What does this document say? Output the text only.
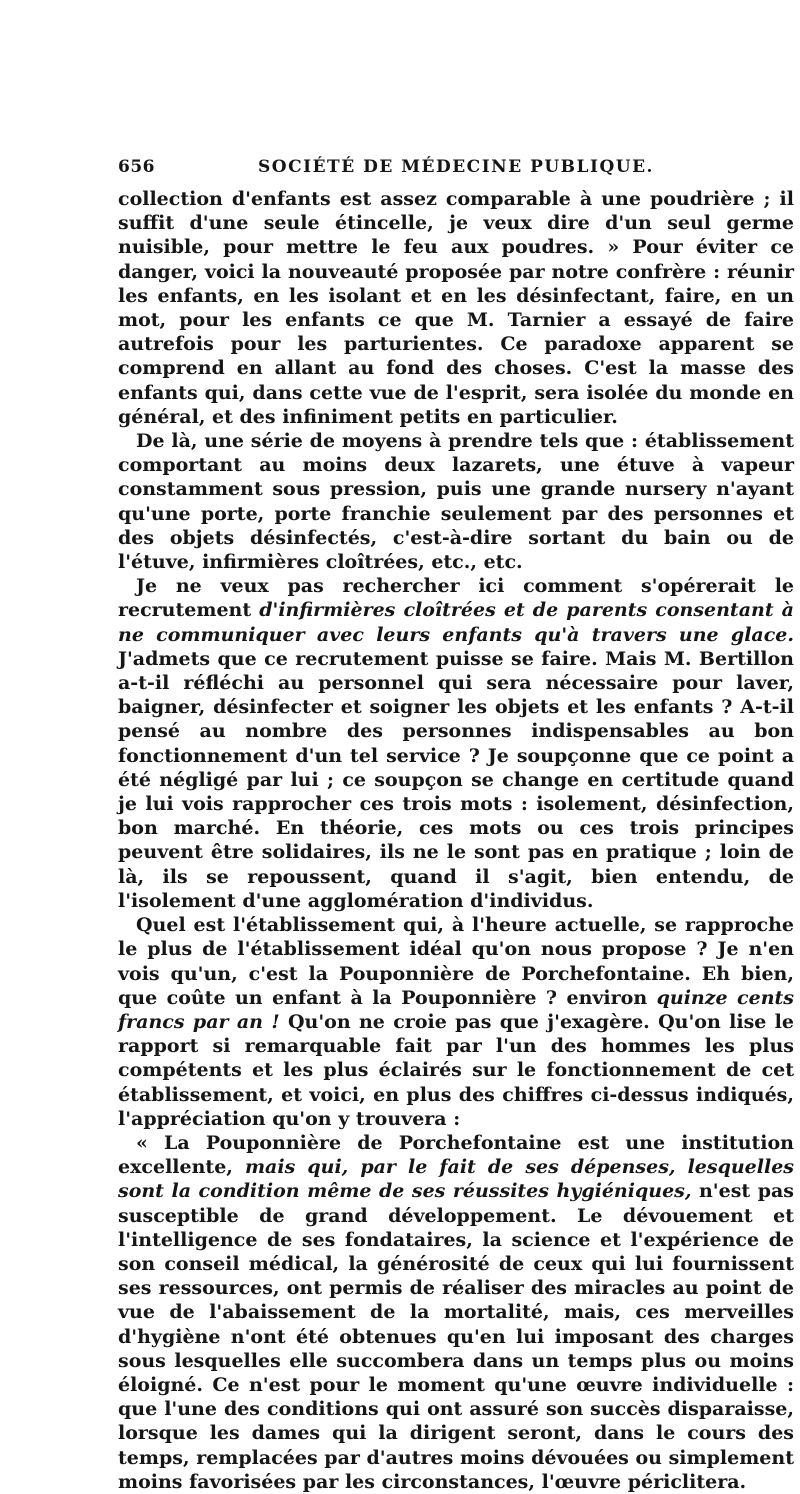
656	SOCIÉTÉ DE MÉDECINE PUBLIQUE.

collection d'enfants est assez comparable à une poudrière ; il suffit d'une seule étincelle, je veux dire d'un seul germe nuisible, pour mettre le feu aux poudres. » Pour éviter ce danger, voici la nouveauté proposée par notre confrère : réunir les enfants, en les isolant et en les désinfectant, faire, en un mot, pour les enfants ce que M. Tarnier a essayé de faire autrefois pour les parturientes. Ce paradoxe apparent se comprend en allant au fond des choses. C'est la masse des enfants qui, dans cette vue de l'esprit, sera isolée du monde en général, et des infiniment petits en particulier.

De là, une série de moyens à prendre tels que : établissement comportant au moins deux lazarets, une étuve à vapeur constamment sous pression, puis une grande nursery n'ayant qu'une porte, porte franchie seulement par des personnes et des objets désinfectés, c'est-à-dire sortant du bain ou de l'étuve, infirmières cloîtrées, etc., etc.

Je ne veux pas rechercher ici comment s'opérerait le recrutement d'infirmières cloîtrées et de parents consentant à ne communiquer avec leurs enfants qu'à travers une glace. J'admets que ce recrutement puisse se faire. Mais M. Bertillon a-t-il réfléchi au personnel qui sera nécessaire pour laver, baigner, désinfecter et soigner les objets et les enfants ? A-t-il pensé au nombre des personnes indispensables au bon fonctionnement d'un tel service ? Je soupçonne que ce point a été négligé par lui ; ce soupçon se change en certitude quand je lui vois rapprocher ces trois mots : isolement, désinfection, bon marché. En théorie, ces mots ou ces trois principes peuvent être solidaires, ils ne le sont pas en pratique ; loin de là, ils se repoussent, quand il s'agit, bien entendu, de l'isolement d'une agglomération d'individus.

Quel est l'établissement qui, à l'heure actuelle, se rapproche le plus de l'établissement idéal qu'on nous propose ? Je n'en vois qu'un, c'est la Pouponnière de Porchefontaine. Eh bien, que coûte un enfant à la Pouponnière ? environ quinze cents francs par an ! Qu'on ne croie pas que j'exagère. Qu'on lise le rapport si remarquable fait par l'un des hommes les plus compétents et les plus éclairés sur le fonctionnement de cet établissement, et voici, en plus des chiffres ci-dessus indiqués, l'appréciation qu'on y trouvera :

« La Pouponnière de Porchefontaine est une institution excellente, mais qui, par le fait de ses dépenses, lesquelles sont la condition même de ses réussites hygiéniques, n'est pas susceptible de grand développement. Le dévouement et l'intelligence de ses fondataires, la science et l'expérience de son conseil médical, la générosité de ceux qui lui fournissent ses ressources, ont permis de réaliser des miracles au point de vue de l'abaissement de la mortalité, mais, ces merveilles d'hygiène n'ont été obtenues qu'en lui imposant des charges sous lesquelles elle succombera dans un temps plus ou moins éloigné. Ce n'est pour le moment qu'une œuvre individuelle : que l'une des conditions qui ont assuré son succès disparaisse, lorsque les dames qui la dirigent seront, dans le cours des temps, remplacées par d'autres moins dévouées ou simplement moins favorisées par les circonstances, l'œuvre périclitera.
